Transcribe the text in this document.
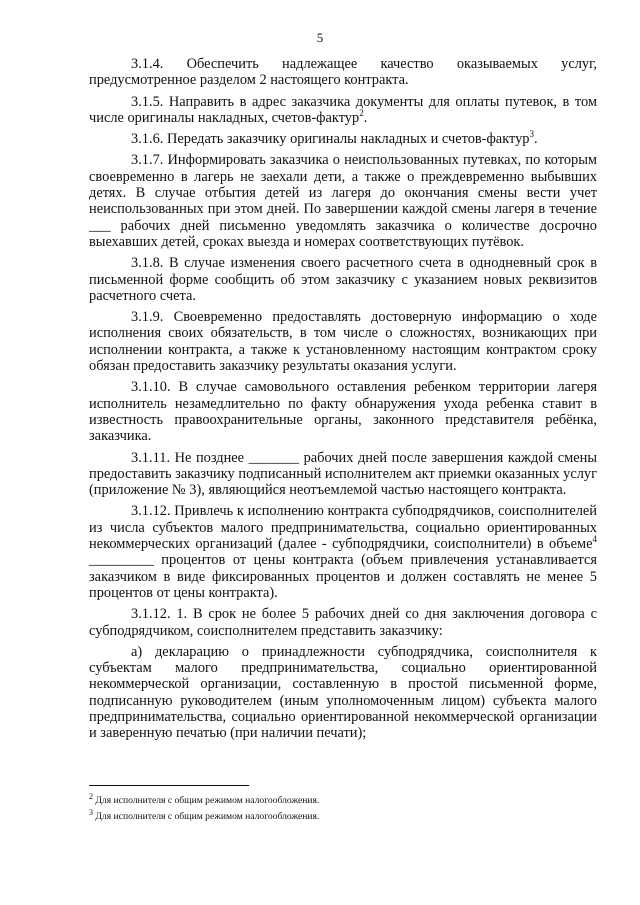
5

3.1.4. Обеспечить надлежащее качество оказываемых услуг, предусмотренное разделом 2 настоящего контракта.

3.1.5. Направить в адрес заказчика документы для оплаты путевок, в том числе оригиналы накладных, счетов-фактур$^2$.

3.1.6. Передать заказчику оригиналы накладных и счетов-фактур$^3$.

3.1.7. Информировать заказчика о неиспользованных путевках, по которым своевременно в лагерь не заехали дети, а также о преждевременно выбывших детях. В случае отбытия детей из лагеря до окончания смены вести учет неиспользованных при этом дней. По завершении каждой смены лагеря в течение ___ рабочих дней письменно уведомлять заказчика о количестве досрочно выехавших детей, сроках выезда и номерах соответствующих путёвок.

3.1.8. В случае изменения своего расчетного счета в однодневный срок в письменной форме сообщить об этом заказчику с указанием новых реквизитов расчетного счета.

3.1.9. Своевременно предоставлять достоверную информацию о ходе исполнения своих обязательств, в том числе о сложностях, возникающих при исполнении контракта, а также к установленному настоящим контрактом сроку обязан предоставить заказчику результаты оказания услуги.

3.1.10. В случае самовольного оставления ребенком территории лагеря исполнитель незамедлительно по факту обнаружения ухода ребенка ставит в известность правоохранительные органы, законного представителя ребёнка, заказчика.

3.1.11. Не позднее _______ рабочих дней после завершения каждой смены предоставить заказчику подписанный исполнителем акт приемки оказанных услуг (приложение № 3), являющийся неотъемлемой частью настоящего контракта.

3.1.12. Привлечь к исполнению контракта субподрядчиков, соисполнителей из числа субъектов малого предпринимательства, социально ориентированных некоммерческих организаций (далее - субподрядчики, соисполнители) в объеме$^4$ _________ процентов от цены контракта (объем привлечения устанавливается заказчиком в виде фиксированных процентов и должен составлять не менее 5 процентов от цены контракта).

3.1.12. 1. В срок не более 5 рабочих дней со дня заключения договора с субподрядчиком, соисполнителем представить заказчику:

а) декларацию о принадлежности субподрядчика, соисполнителя к субъектам малого предпринимательства, социально ориентированной некоммерческой организации, составленную в простой письменной форме, подписанную руководителем (иным уполномоченным лицом) субъекта малого предпринимательства, социально ориентированной некоммерческой организации и заверенную печатью (при наличии печати);

$^2$ Для исполнителя с общим режимом налогообложения.
$^3$ Для исполнителя с общим режимом налогообложения.
